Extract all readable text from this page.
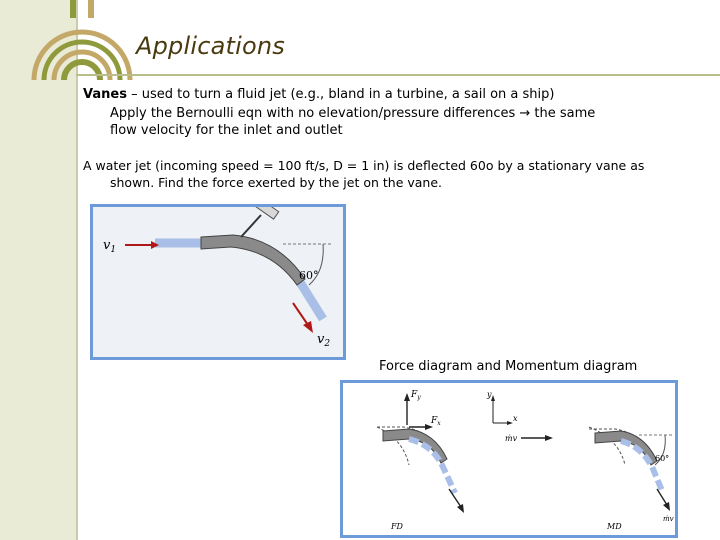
Applications
Vanes – used to turn a fluid jet (e.g., bland in a turbine, a sail on a ship)
Apply the Bernoulli eqn with no elevation/pressure differences → the same
flow velocity for the inlet and outlet
A water jet (incoming speed = 100 ft/s, D = 1 in) is deflected 60o by a stationary vane as
shown. Find the force exerted by the jet on the vane.
60°
$v_1$
$v_2$
Force diagram and Momentum diagram
$F_y$
$F_x$
FD
y
x
ṁv
60°
ṁv
MD
